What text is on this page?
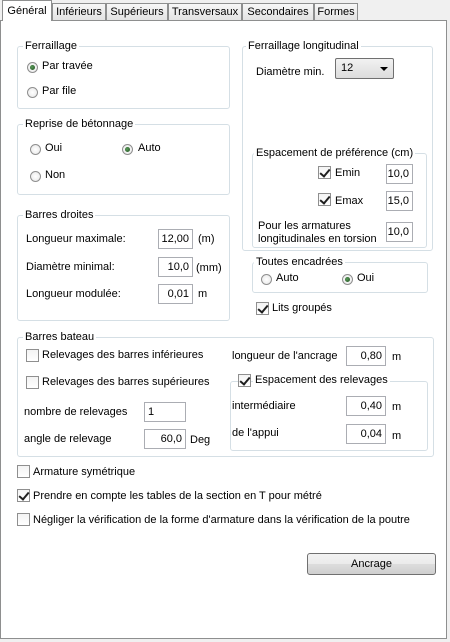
Général Inférieurs Supérieurs Transversaux Secondaires Formes
Ferraillage
Par travée
Par file
Reprise de bétonnage
Oui	Auto
Non
Barres droites
Longueur maximale:	12,00 (m)
Diamètre minimal:	10,0 (mm)
Longueur modulée:	0,01 m
Ferraillage longitudinal
Diamètre min.	12
Espacement de préférence (cm)
Emin	10,0
Emax 15,0
Pour les armatures
longitudinales en torsion
10,0
Toutes encadrées
Auto	Oui
Lits groupés
Barres bateau
Relevages des barres inférieures
Relevages des barres supérieures
nombre de relevages	1
angle de relevage	60,0 Deg
longueur de l'ancrage	0,80 m
Espacement des relevages
intermédiaire	0,40 m
de l'appui	0,04 m
Armature symétrique
Prendre en compte les tables de la section en T pour métré
Négliger la vérification de la forme d'armature dans la vérification de la poutre
Ancrage
